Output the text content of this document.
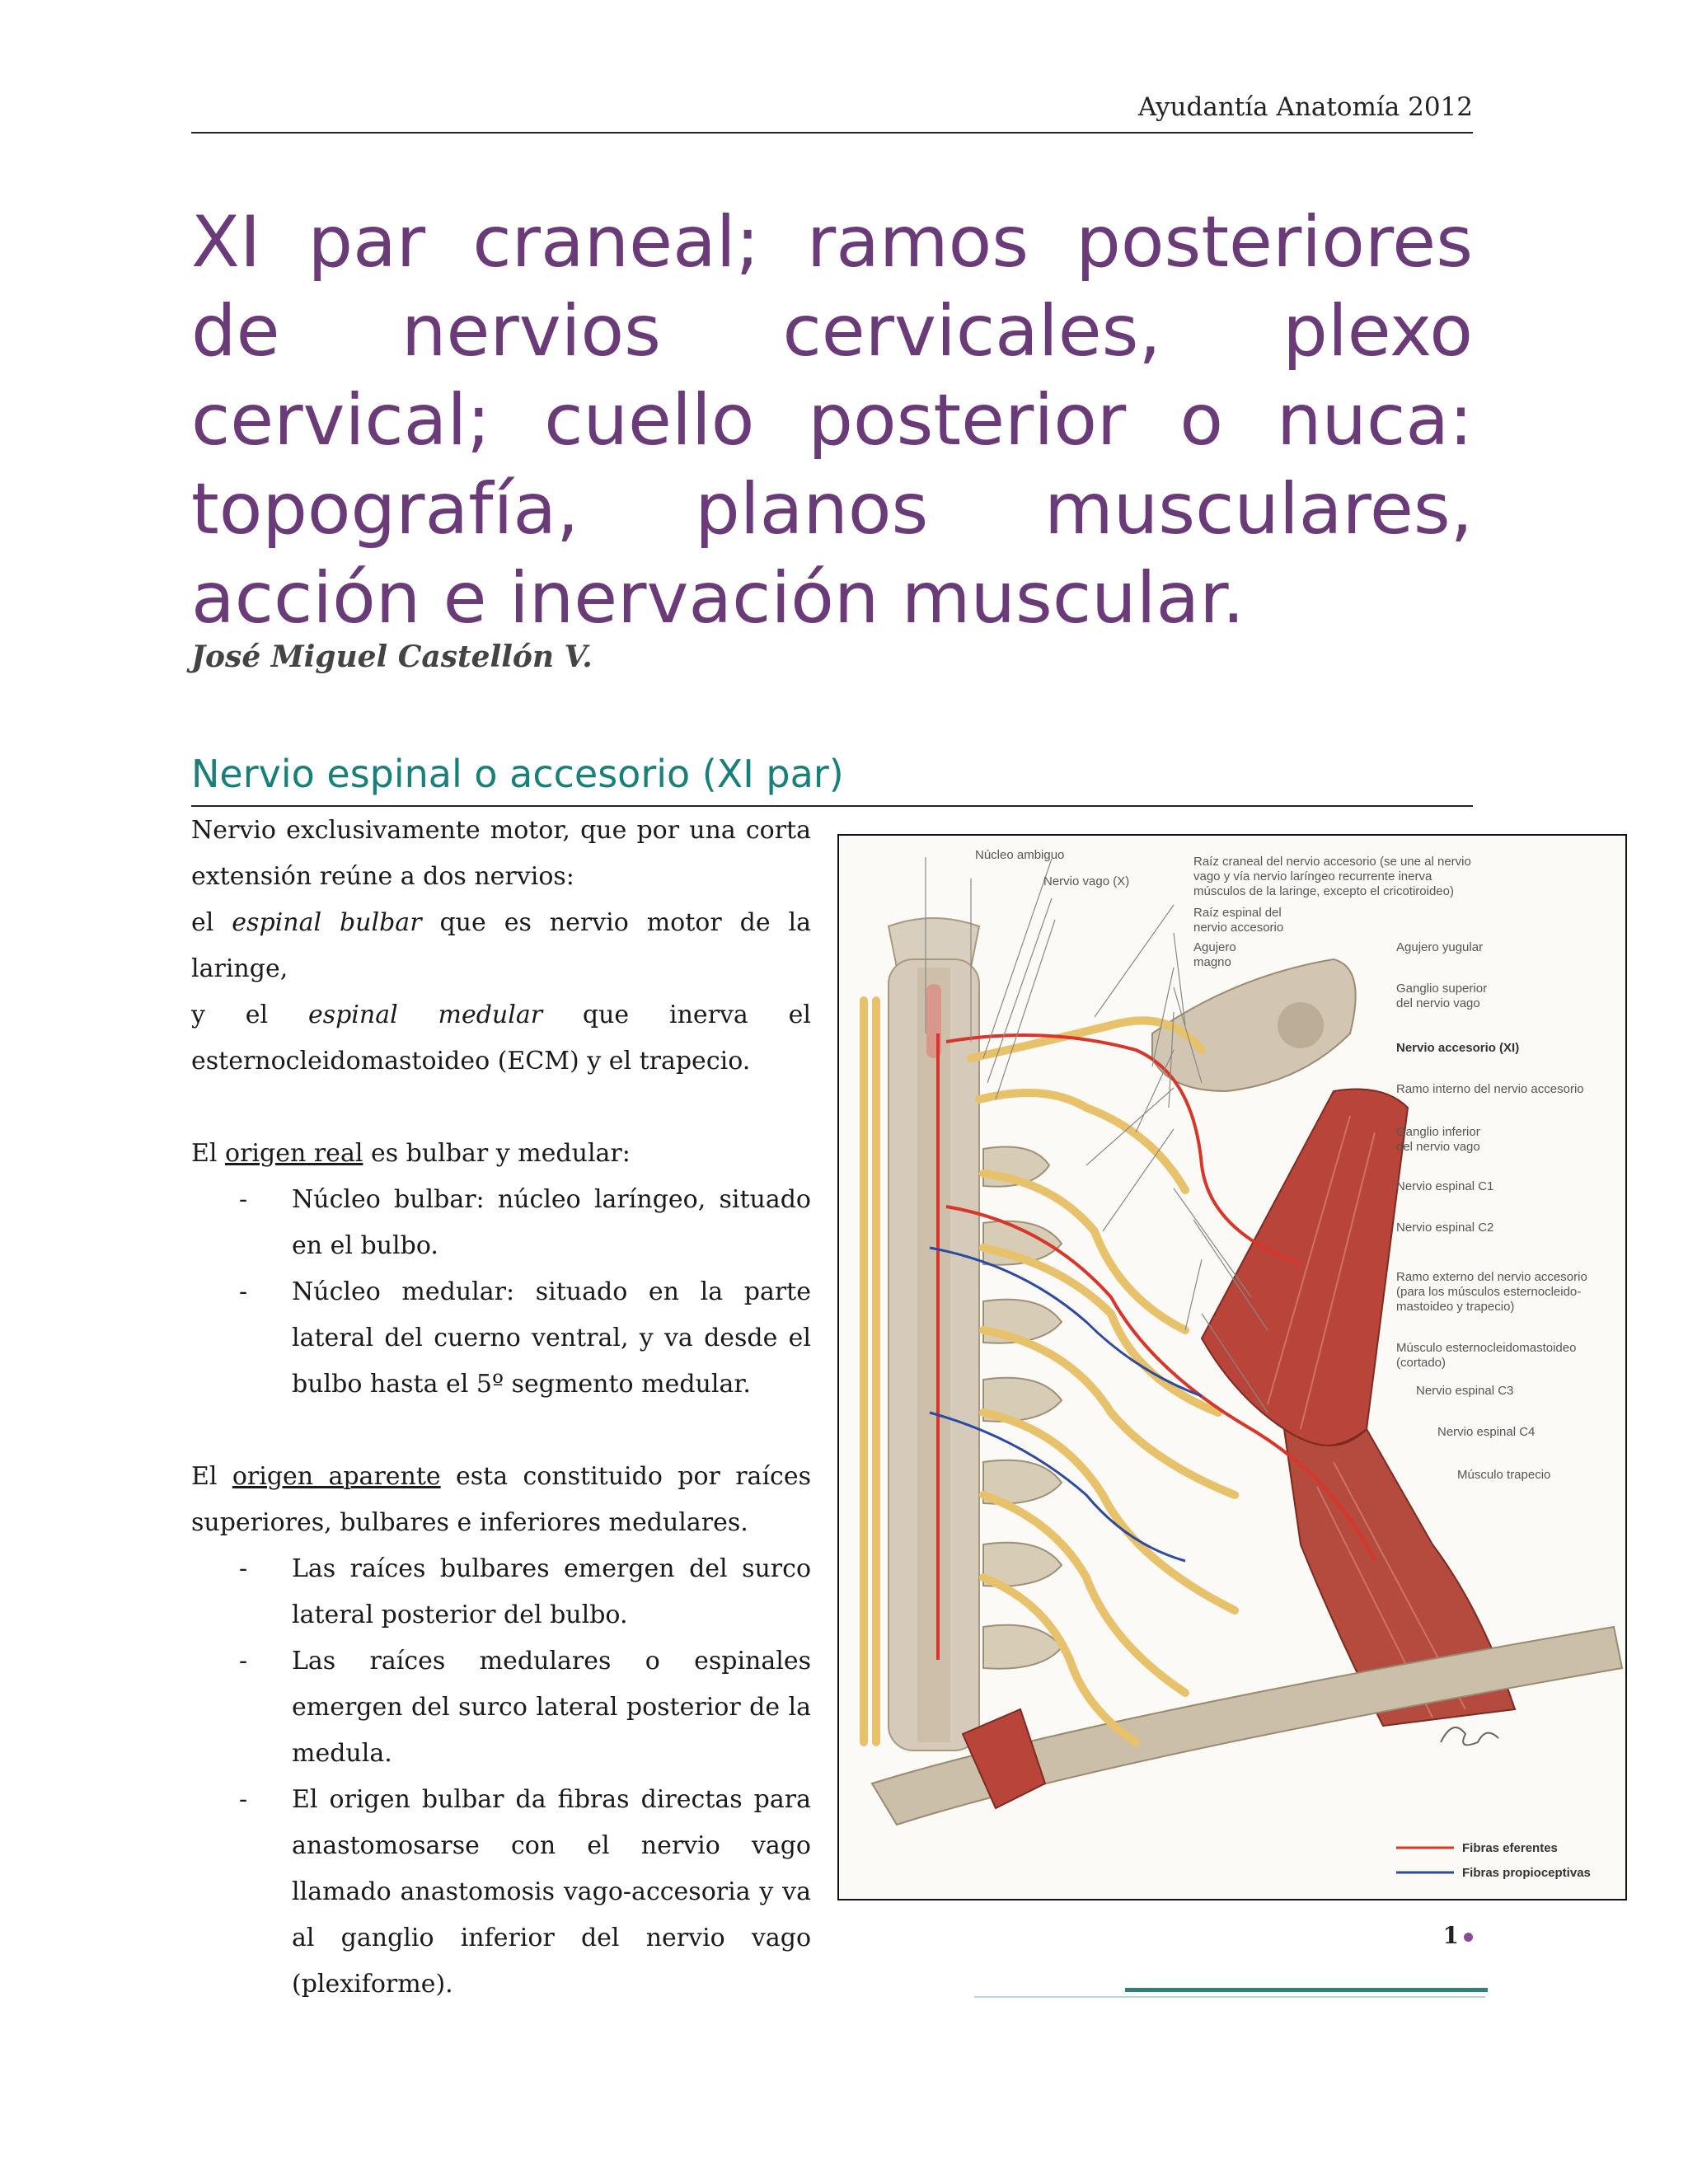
Ayudantía Anatomía 2012
XI par craneal; ramos posteriores de nervios cervicales, plexo cervical; cuello posterior o nuca: topografía, planos musculares, acción e inervación muscular.
José Miguel Castellón V.
Nervio espinal o accesorio (XI par)

Nervio exclusivamente motor, que por una corta extensión reúne a dos nervios:

el espinal bulbar que es nervio motor de la laringe,

y el espinal medular que inerva el esternocleidomastoideo (ECM) y el trapecio.

El origen real es bulbar y medular:

- Núcleo bulbar: núcleo laríngeo, situado en el bulbo.
- Núcleo medular: situado en la parte lateral del cuerno ventral, y va desde el bulbo hasta el 5º segmento medular.

El origen aparente esta constituido por raíces superiores, bulbares e inferiores medulares.

- Las raíces bulbares emergen del surco lateral posterior del bulbo.
- Las raíces medulares o espinales emergen del surco lateral posterior de la medula.
- El origen bulbar da fibras directas para anastomosarse con el nervio vago llamado anastomosis vago-accesoria y va al ganglio inferior del nervio vago (plexiforme).
Núcleo ambiguo
Nervio vago (X)
Raíz craneal del nervio accesorio (se une al nervio
vago y vía nervio laríngeo recurrente inerva
músculos de la laringe, excepto el cricotiroideo)
Raíz espinal del
nervio accesorio
Agujero
magno
Agujero yugular
Ganglio superior
del nervio vago
Nervio accesorio (XI)
Ramo interno del nervio accesorio
Ganglio inferior
del nervio vago
Nervio espinal C1
Nervio espinal C2
Ramo externo del nervio accesorio
(para los músculos esternocleido-
mastoideo y trapecio)
Músculo esternocleidomastoideo
(cortado)
Nervio espinal C3
Nervio espinal C4
Músculo trapecio
Fibras eferentes
Fibras propioceptivas
1
